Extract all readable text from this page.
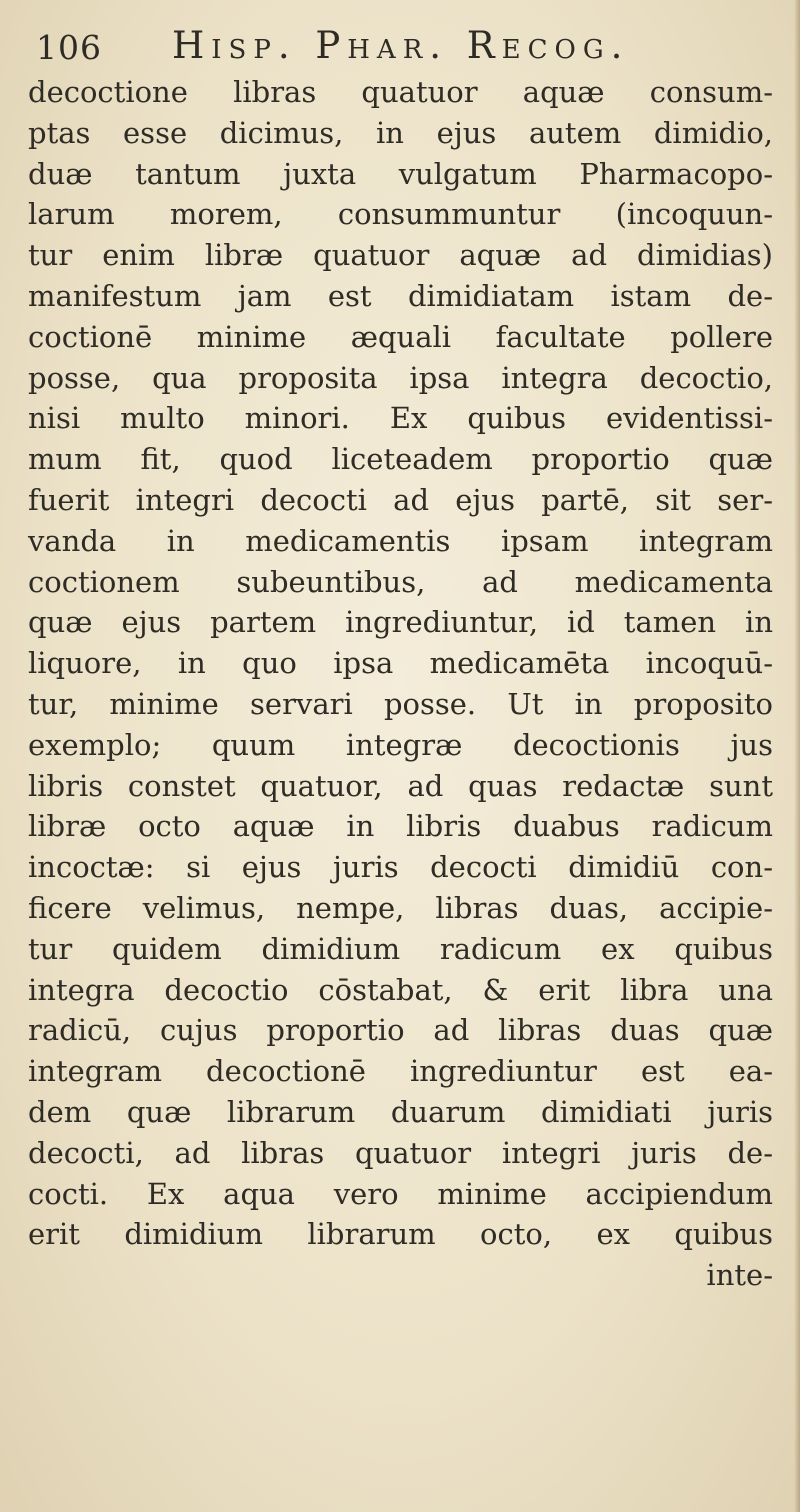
106 Hisp. Phar. Recog.
decoctione libras quatuor aquæ consum-
ptas esse dicimus, in ejus autem dimidio,
duæ tantum juxta vulgatum Pharmacopo-
larum morem, consummuntur (incoquun-
tur enim libræ quatuor aquæ ad dimidias)
manifestum jam est dimidiatam istam de-
coctionē minime æquali facultate pollere
posse, qua proposita ipsa integra decoctio,
nisi multo minori. Ex quibus evidentissi-
mum fit, quod liceteadem proportio quæ
fuerit integri decocti ad ejus partē, sit ser-
vanda in medicamentis ipsam integram
coctionem subeuntibus, ad medicamenta
quæ ejus partem ingrediuntur, id tamen in
liquore, in quo ipsa medicamēta incoquū-
tur, minime servari posse. Ut in proposito
exemplo; quum integræ decoctionis jus
libris constet quatuor, ad quas redactæ sunt
libræ octo aquæ in libris duabus radicum
incoctæ: si ejus juris decocti dimidiū con-
ficere velimus, nempe, libras duas, accipie-
tur quidem dimidium radicum ex quibus
integra decoctio cōstabat, & erit libra una
radicū, cujus proportio ad libras duas quæ
integram decoctionē ingrediuntur est ea-
dem quæ librarum duarum dimidiati juris
decocti, ad libras quatuor integri juris de-
cocti. Ex aqua vero minime accipiendum
erit dimidium librarum octo, ex quibus
inte-
